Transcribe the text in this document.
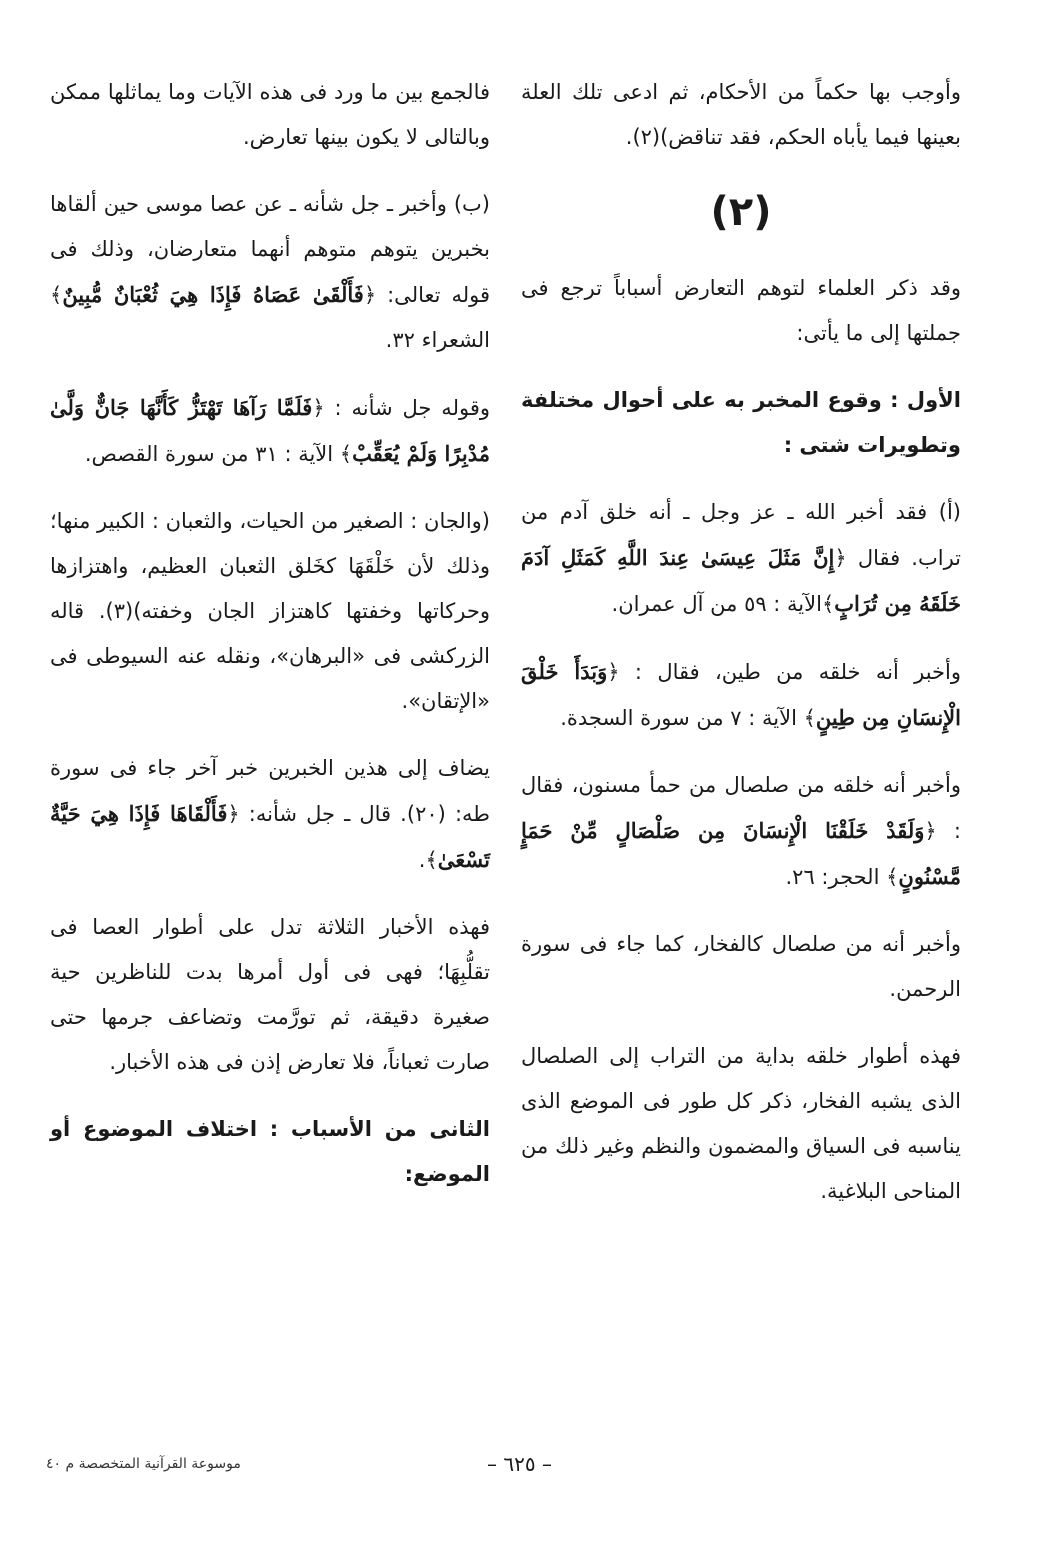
وأوجب بها حكماً من الأحكام، ثم ادعى تلك العلة بعينها فيما يأباه الحكم، فقد تناقض)(٢).

(٢)

وقد ذكر العلماء لتوهم التعارض أسباباً ترجع فى جملتها إلى ما يأتى:

الأول : وقوع المخبر به على أحوال مختلفة وتطويرات شتى :

(أ) فقد أخبر الله ـ عز وجل ـ أنه خلق آدم من تراب. فقال ﴿إِنَّ مَثَلَ عِيسَىٰ عِندَ اللَّهِ كَمَثَلِ آدَمَ خَلَقَهُ مِن تُرَابٍ﴾الآية : ٥٩ من آل عمران.

وأخبر أنه خلقه من طين، فقال : ﴿وَبَدَأَ خَلْقَ الْإِنسَانِ مِن طِينٍ﴾ الآية : ٧ من سورة السجدة.

وأخبر أنه خلقه من صلصال من حمأ مسنون، فقال : ﴿وَلَقَدْ خَلَقْنَا الْإِنسَانَ مِن صَلْصَالٍ مِّنْ حَمَإٍ مَّسْنُونٍ﴾ الحجر: ٢٦.

وأخبر أنه من صلصال كالفخار، كما جاء فى سورة الرحمن.

فهذه أطوار خلقه بداية من التراب إلى الصلصال الذى يشبه الفخار، ذكر كل طور فى الموضع الذى يناسبه فى السياق والمضمون والنظم وغير ذلك من المناحى البلاغية.

فالجمع بين ما ورد فى هذه الآيات وما يماثلها ممكن وبالتالى لا يكون بينها تعارض.

(ب) وأخبر ـ جل شأنه ـ عن عصا موسى حين ألقاها بخبرين يتوهم متوهم أنهما متعارضان، وذلك فى قوله تعالى: ﴿فَأَلْقَىٰ عَصَاهُ فَإِذَا هِيَ ثُعْبَانٌ مُّبِينٌ﴾ الشعراء ٣٢.

وقوله جل شأنه : ﴿فَلَمَّا رَآهَا تَهْتَزُّ كَأَنَّهَا جَانٌّ وَلَّىٰ مُدْبِرًا وَلَمْ يُعَقِّبْ﴾ الآية : ٣١ من سورة القصص.

(والجان : الصغير من الحيات، والثعبان : الكبير منها؛ وذلك لأن خَلْقَهَا كخَلق الثعبان العظيم، واهتزازها وحركاتها وخفتها كاهتزاز الجان وخفته)(٣). قاله الزركشى فى «البرهان»، ونقله عنه السيوطى فى «الإتقان».

يضاف إلى هذين الخبرين خبر آخر جاء فى سورة طه: (٢٠). قال ـ جل شأنه: ﴿فَأَلْقَاهَا فَإِذَا هِيَ حَيَّةٌ تَسْعَىٰ﴾.

فهذه الأخبار الثلاثة تدل على أطوار العصا فى تقلُّبِهَا؛ فهى فى أول أمرها بدت للناظرين حية صغيرة دقيقة، ثم تورَّمت وتضاعف جرمها حتى صارت ثعباناً، فلا تعارض إذن فى هذه الأخبار.

الثانى من الأسباب : اختلاف الموضوع أو الموضع:

– ٦٢٥ –
موسوعة القرآنية المتخصصة م ٤٠
